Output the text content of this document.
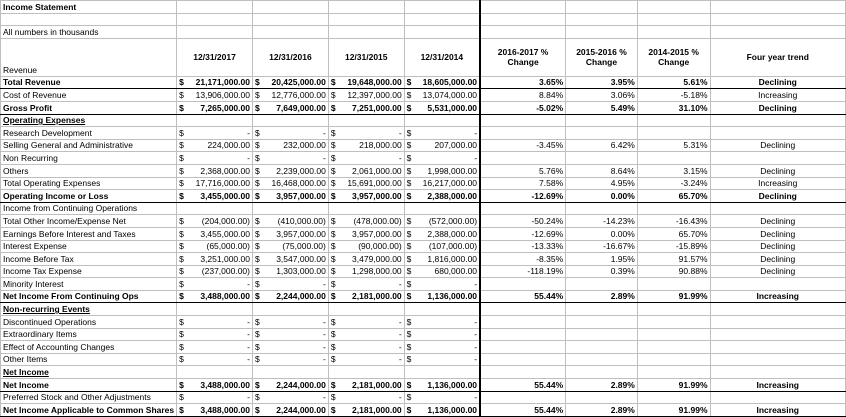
Income Statement								

All numbers in thousands								
Revenue	12/31/2017	12/31/2016	12/31/2015	12/31/2014	2016-2017 % Change	2015-2016 % Change	2014-2015 % Change	Four year trend
Total Revenue	$ 21,171,000.00	$ 20,425,000.00	$ 19,648,000.00	$ 18,605,000.00	3.65%	3.95%	5.61%	Declining
Cost of Revenue	$ 13,906,000.00	$ 12,776,000.00	$ 12,397,000.00	$ 13,074,000.00	8.84%	3.06%	-5.18%	Increasing
Gross Profit	$ 7,265,000.00	$ 7,649,000.00	$ 7,251,000.00	$ 5,531,000.00	-5.02%	5.49%	31.10%	Declining
Operating Expenses								
Research Development	$ -	$ -	$ -	$ -				
Selling General and Administrative	$ 224,000.00	$ 232,000.00	$ 218,000.00	$ 207,000.00	-3.45%	6.42%	5.31%	Declining
Non Recurring	$ -	$ -	$ -	$ -				
Others	$ 2,368,000.00	$ 2,239,000.00	$ 2,061,000.00	$ 1,998,000.00	5.76%	8.64%	3.15%	Declining
Total Operating Expenses	$ 17,716,000.00	$ 16,468,000.00	$ 15,691,000.00	$ 16,217,000.00	7.58%	4.95%	-3.24%	Increasing
Operating Income or Loss	$ 3,455,000.00	$ 3,957,000.00	$ 3,957,000.00	$ 2,388,000.00	-12.69%	0.00%	65.70%	Declining
Income from Continuing Operations								
Total Other Income/Expense Net	$ (204,000.00)	$ (410,000.00)	$ (478,000.00)	$ (572,000.00)	-50.24%	-14.23%	-16.43%	Declining
Earnings Before Interest and Taxes	$ 3,455,000.00	$ 3,957,000.00	$ 3,957,000.00	$ 2,388,000.00	-12.69%	0.00%	65.70%	Declining
Interest Expense	$ (65,000.00)	$ (75,000.00)	$ (90,000.00)	$ (107,000.00)	-13.33%	-16.67%	-15.89%	Declining
Income Before Tax	$ 3,251,000.00	$ 3,547,000.00	$ 3,479,000.00	$ 1,816,000.00	-8.35%	1.95%	91.57%	Declining
Income Tax Expense	$ (237,000.00)	$ 1,303,000.00	$ 1,298,000.00	$ 680,000.00	-118.19%	0.39%	90.88%	Declining
Minority Interest	$ -	$ -	$ -	$ -				
Net Income From Continuing Ops	$ 3,488,000.00	$ 2,244,000.00	$ 2,181,000.00	$ 1,136,000.00	55.44%	2.89%	91.99%	Increasing
Non-recurring Events								
Discontinued Operations	$ -	$ -	$ -	$ -				
Extraordinary Items	$ -	$ -	$ -	$ -				
Effect of Accounting Changes	$ -	$ -	$ -	$ -				
Other Items	$ -	$ -	$ -	$ -				
Net Income								
Net Income	$ 3,488,000.00	$ 2,244,000.00	$ 2,181,000.00	$ 1,136,000.00	55.44%	2.89%	91.99%	Increasing
Preferred Stock and Other Adjustments	$ -	$ -	$ -	$ -				
Net Income Applicable to Common Shares	$ 3,488,000.00	$ 2,244,000.00	$ 2,181,000.00	$ 1,136,000.00	55.44%	2.89%	91.99%	Increasing
